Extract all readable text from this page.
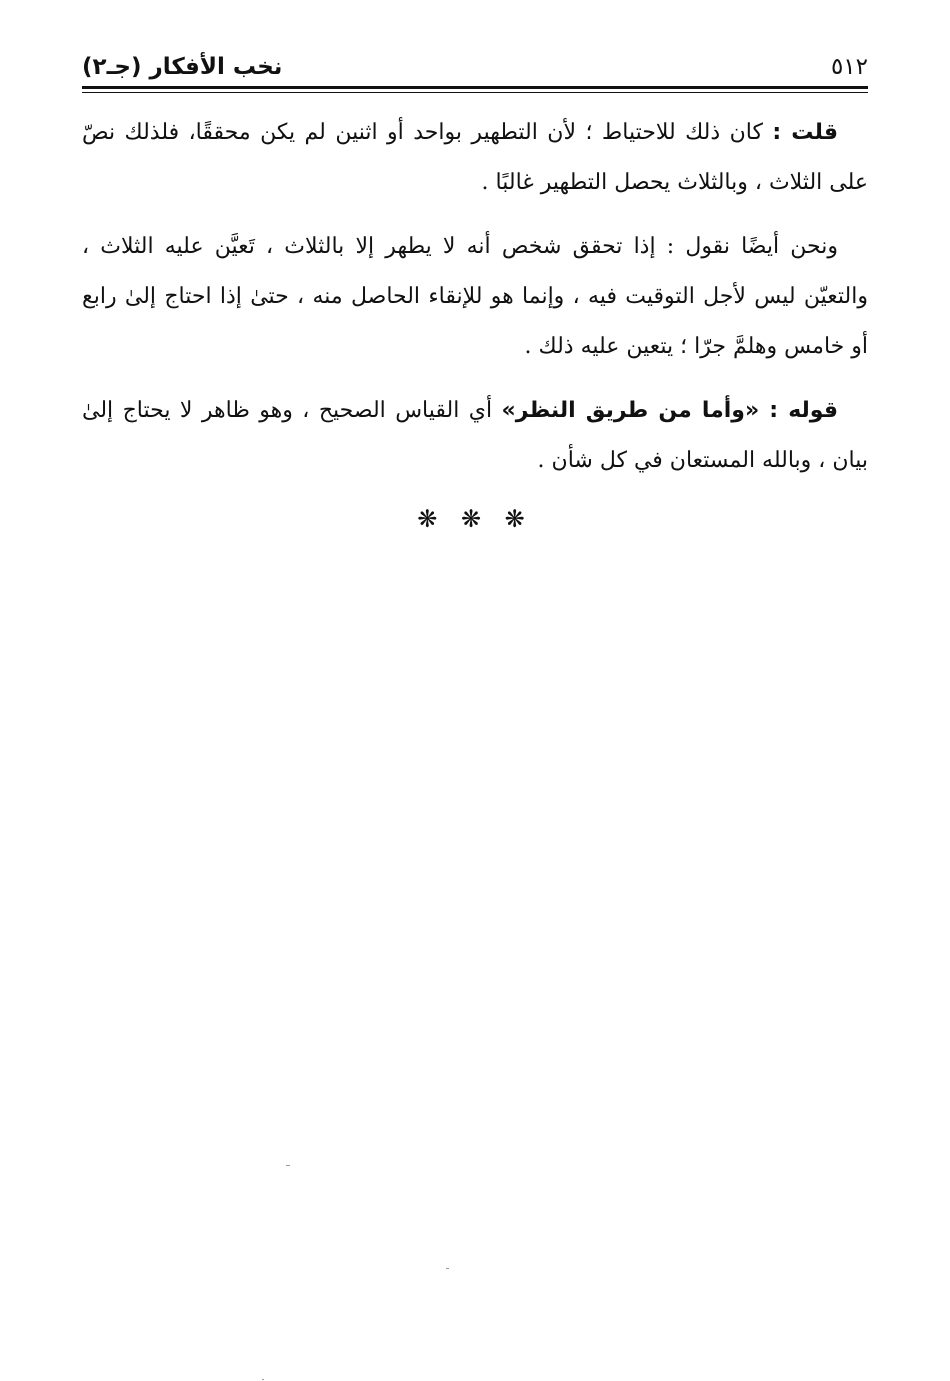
٥١٢
نخب الأفكار (جـ٢)

قلت : كان ذلك للاحتياط ؛ لأن التطهير بواحد أو اثنين لم يكن محققًا، فلذلك نصّ على الثلاث ، وبالثلاث يحصل التطهير غالبًا .

ونحن أيضًا نقول : إذا تحقق شخص أنه لا يطهر إلا بالثلاث ، تَعيَّن عليه الثلاث ، والتعيّن ليس لأجل التوقيت فيه ، وإنما هو للإنقاء الحاصل منه ، حتىٰ إذا احتاج إلىٰ رابع أو خامس وهلمَّ جرّا ؛ يتعين عليه ذلك .

قوله : «وأما من طريق النظر» أي القياس الصحيح ، وهو ظاهر لا يحتاج إلىٰ بيان ، وبالله المستعان في كل شأن .

❋ ❋ ❋
